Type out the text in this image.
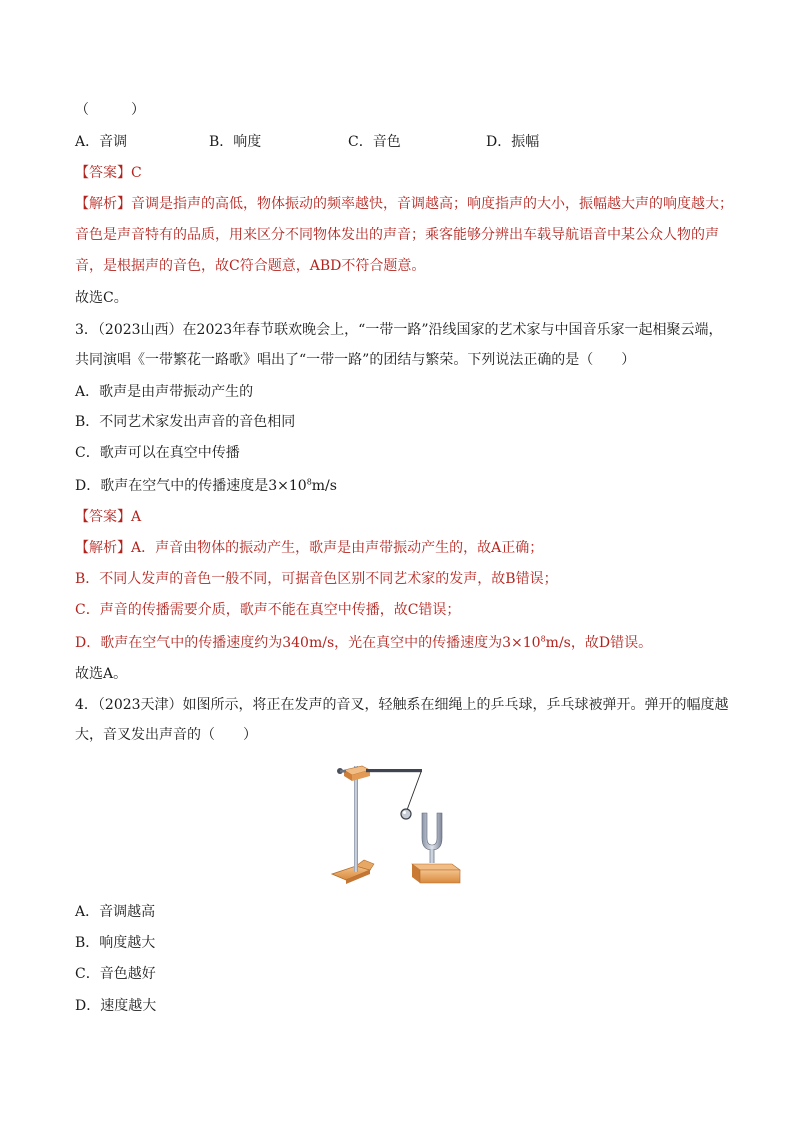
（　　　）
A．音调	B．响度	C．音色	D．振幅
【答案】C
【解析】音调是指声的高低，物体振动的频率越快，音调越高；响度指声的大小，振幅越大声的响度越大；
音色是声音特有的品质，用来区分不同物体发出的声音；乘客能够分辨出车载导航语音中某公众人物的声
音，是根据声的音色，故C符合题意，ABD不符合题意。
故选C。
3．（2023山西）在2023年春节联欢晚会上，“一带一路”沿线国家的艺术家与中国音乐家一起相聚云端，
共同演唱《一带繁花一路歌》唱出了“一带一路”的团结与繁荣。下列说法正确的是（　　）
A．歌声是由声带振动产生的
B．不同艺术家发出声音的音色相同
C．歌声可以在真空中传播
D．歌声在空气中的传播速度是$3\times 10^8m/s$
【答案】A
【解析】A．声音由物体的振动产生，歌声是由声带振动产生的，故A正确；
B．不同人发声的音色一般不同，可据音色区别不同艺术家的发声，故B错误；
C．声音的传播需要介质，歌声不能在真空中传播，故C错误；
D．歌声在空气中的传播速度约为340m/s，光在真空中的传播速度为$3\times 10^8m/s$，故D错误。
故选A。
4．（2023天津）如图所示，将正在发声的音叉，轻触系在细绳上的乒乓球，乒乓球被弹开。弹开的幅度越
大，音叉发出声音的（　　）
A．音调越高
B．响度越大
C．音色越好
D．速度越大
